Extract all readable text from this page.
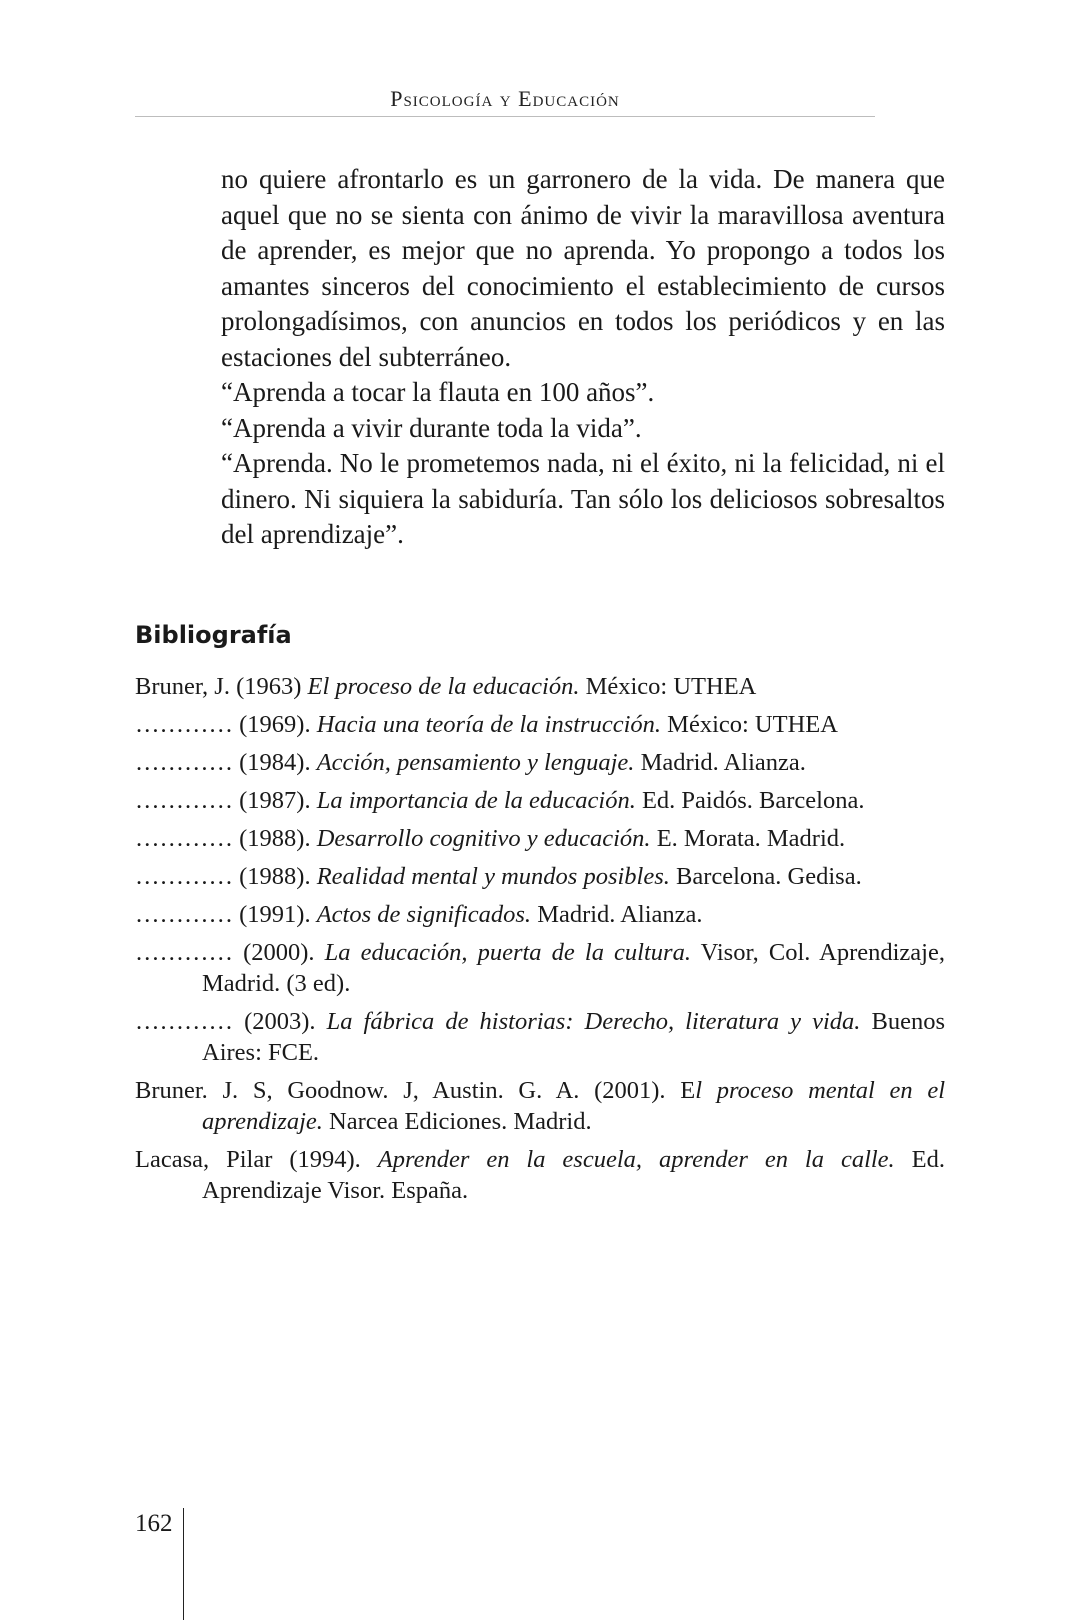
Psicología y Educación

no quiere afrontarlo es un garronero de la vida. De manera que aquel que no se sienta con ánimo de vivir la maravillosa aventura de aprender, es mejor que no aprenda. Yo propongo a todos los amantes sinceros del conocimiento el establecimiento de cursos prolongadísimos, con anuncios en todos los periódicos y en las estaciones del subterráneo.

“Aprenda a tocar la flauta en 100 años”.

“Aprenda a vivir durante toda la vida”.

“Aprenda. No le prometemos nada, ni el éxito, ni la felicidad, ni el dinero. Ni siquiera la sabiduría. Tan sólo los deliciosos sobresaltos del aprendizaje”.

Bibliografía

Bruner, J. (1963) El proceso de la educación. México: UTHEA

………… (1969). Hacia una teoría de la instrucción. México: UTHEA

………… (1984). Acción, pensamiento y lenguaje. Madrid. Alianza.

………… (1987). La importancia de la educación. Ed. Paidós. Barcelona.

………… (1988). Desarrollo cognitivo y educación. E. Morata. Madrid.

………… (1988). Realidad mental y mundos posibles. Barcelona. Gedisa.

………… (1991). Actos de significados. Madrid. Alianza.

………… (2000). La educación, puerta de la cultura. Visor, Col. Aprendizaje, Madrid. (3 ed).

………… (2003). La fábrica de historias: Derecho, literatura y vida. Buenos Aires: FCE.

Bruner. J. S, Goodnow. J, Austin. G. A. (2001). El proceso mental en el aprendizaje. Narcea Ediciones. Madrid.

Lacasa, Pilar (1994). Aprender en la escuela, aprender en la calle. Ed. Aprendizaje Visor. España.

162
